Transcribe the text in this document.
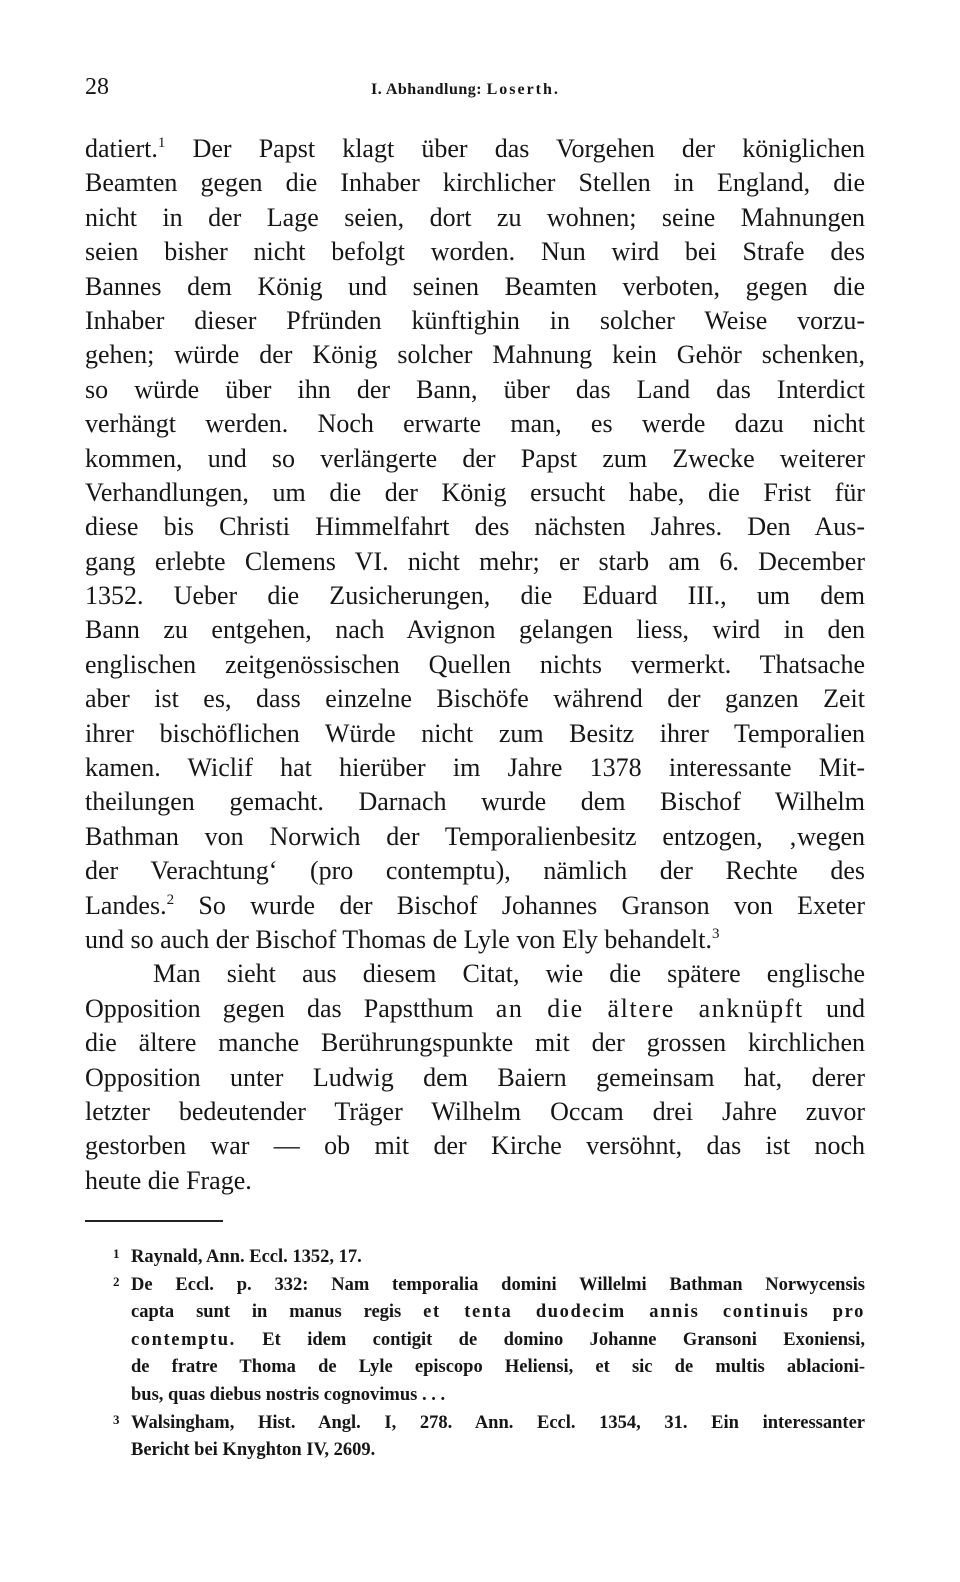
28	I. Abhandlung: Loserth.
datiert.$^1$ Der Papst klagt über das Vorgehen der königlichen
Beamten gegen die Inhaber kirchlicher Stellen in England, die
nicht in der Lage seien, dort zu wohnen; seine Mahnungen
seien bisher nicht befolgt worden. Nun wird bei Strafe des
Bannes dem König und seinen Beamten verboten, gegen die
Inhaber dieser Pfründen künftighin in solcher Weise vorzu-
gehen; würde der König solcher Mahnung kein Gehör schenken,
so würde über ihn der Bann, über das Land das Interdict
verhängt werden. Noch erwarte man, es werde dazu nicht
kommen, und so verlängerte der Papst zum Zwecke weiterer
Verhandlungen, um die der König ersucht habe, die Frist für
diese bis Christi Himmelfahrt des nächsten Jahres. Den Aus-
gang erlebte Clemens VI. nicht mehr; er starb am 6. December
1352. Ueber die Zusicherungen, die Eduard III., um dem
Bann zu entgehen, nach Avignon gelangen liess, wird in den
englischen zeitgenössischen Quellen nichts vermerkt. Thatsache
aber ist es, dass einzelne Bischöfe während der ganzen Zeit
ihrer bischöflichen Würde nicht zum Besitz ihrer Temporalien
kamen. Wiclif hat hierüber im Jahre 1378 interessante Mit-
theilungen gemacht. Darnach wurde dem Bischof Wilhelm
Bathman von Norwich der Temporalienbesitz entzogen, ‚wegen
der Verachtung‘ (pro contemptu), nämlich der Rechte des
Landes.$^2$ So wurde der Bischof Johannes Granson von Exeter
und so auch der Bischof Thomas de Lyle von Ely behandelt.$^3$
Man sieht aus diesem Citat, wie die spätere englische
Opposition gegen das Papstthum an die ältere anknüpft und
die ältere manche Berührungspunkte mit der grossen kirchlichen
Opposition unter Ludwig dem Baiern gemeinsam hat, derer
letzter bedeutender Träger Wilhelm Occam drei Jahre zuvor
gestorben war — ob mit der Kirche versöhnt, das ist noch
heute die Frage.
1 Raynald, Ann. Eccl. 1352, 17.
2 De Eccl. p. 332: Nam temporalia domini Willelmi Bathman Norwycensis
capta sunt in manus regis et tenta duodecim annis continuis pro
contemptu. Et idem contigit de domino Johanne Gransoni Exoniensi,
de fratre Thoma de Lyle episcopo Heliensi, et sic de multis ablacioni-
bus, quas diebus nostris cognovimus . . .
3 Walsingham, Hist. Angl. I, 278. Ann. Eccl. 1354, 31. Ein interessanter
Bericht bei Knyghton IV, 2609.
